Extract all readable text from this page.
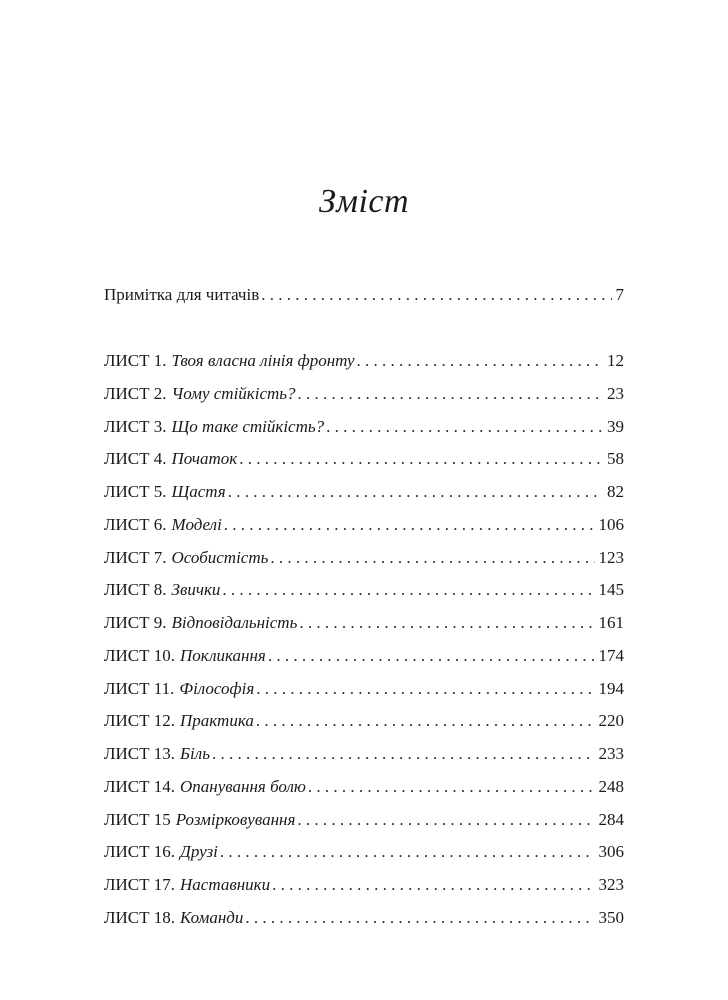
Зміст
Примітка для читачів . . .	7
ЛИСТ 1. Твоя власна лінія фронту . . .	12
ЛИСТ 2. Чому стійкість? . . .	23
ЛИСТ 3. Що таке стійкість? . . .	39
ЛИСТ 4. Початок . . .	58
ЛИСТ 5. Щастя . . .	82
ЛИСТ 6. Моделі . . .	106
ЛИСТ 7. Особистість . . .	123
ЛИСТ 8. Звички . . .	145
ЛИСТ 9. Відповідальність . . .	161
ЛИСТ 10. Покликання . . .	174
ЛИСТ 11. Філософія . . .	194
ЛИСТ 12. Практика . . .	220
ЛИСТ 13. Біль . . .	233
ЛИСТ 14. Опанування болю . . .	248
ЛИСТ 15 Розмірковування . . .	284
ЛИСТ 16. Друзі . . .	306
ЛИСТ 17. Наставники . . .	323
ЛИСТ 18. Команди . . .	350
